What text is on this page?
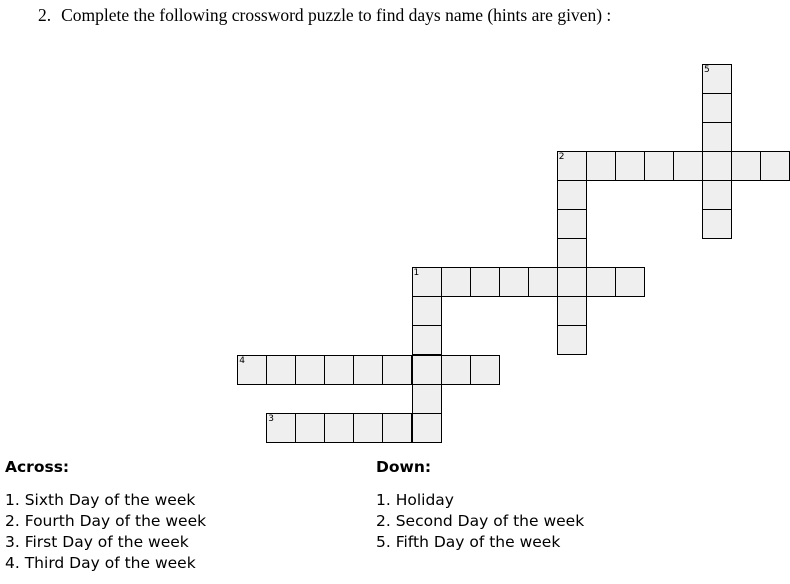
2. Complete the following crossword puzzle to find days name (hints are given) :
1
2
3
4
5
Across:
1. Sixth Day of the week
2. Fourth Day of the week
3. First Day of the week
4. Third Day of the week
Down:
1. Holiday
2. Second Day of the week
5. Fifth Day of the week
